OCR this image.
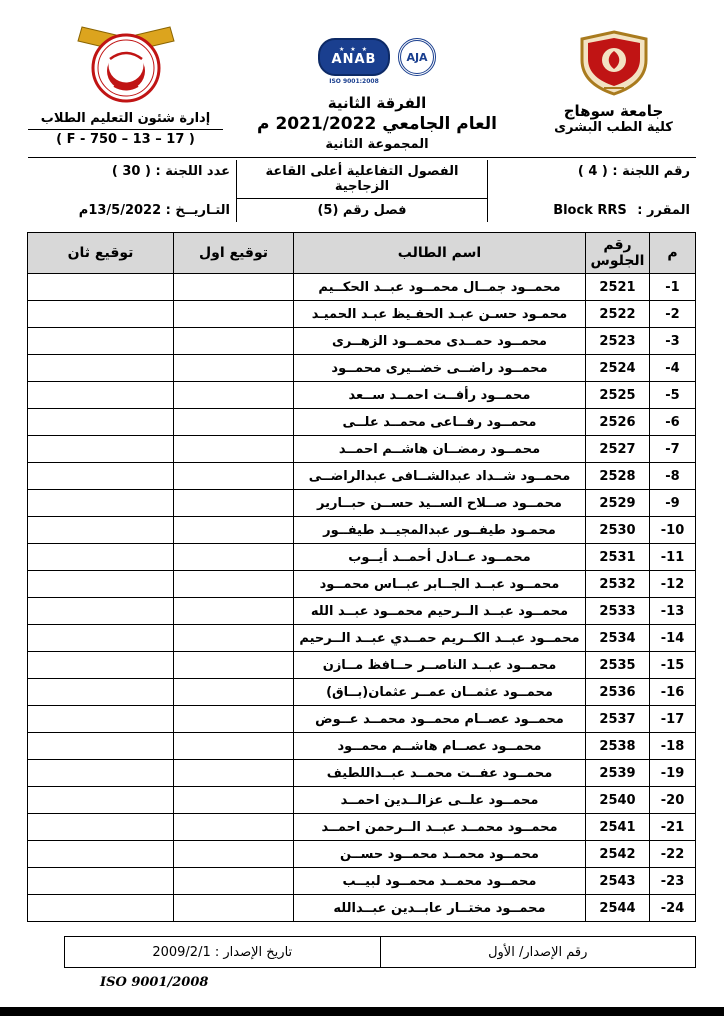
جامعة سوهاج
كلية الطب البشرى
★ ★ ★
ANAB
ISO 9001:2008
AJA
الفرقة الثانية
العام الجامعي 2021/2022 م
المجموعة الثانية
إدارة شئون التعليم الطلاب
( F - 750 – 13 – 17 )
رقم اللجنة : ( 4 )
الفصول التفاعلية أعلى القاعة الزجاجية
عدد اللجنة : ( 30 )
المقرر : Block RRS
فصل رقم (5)
التـاريــخ : 13/5/2022م
م	رقم الجلوس	اسم الطالب	توقيع اول	توقيع ثان
-1	2521	محمــود جمــال محمــود عبــد الحكــيم		
-2	2522	محمـود حسـن عبـد الحفـيظ عبـد الحميـد		
-3	2523	محمــود حمــدى محمــود الزهــرى		
-4	2524	محمــود راضــى خضــيرى محمــود		
-5	2525	محمــود رأفــت احمــد ســعد		
-6	2526	محمــود رفــاعى محمــد علــى		
-7	2527	محمــود رمضــان هاشــم احمــد		
-8	2528	محمــود شــداد عبدالشــافى عبدالراضــى		
-9	2529	محمــود صــلاح الســيد حســن حبــارير		
-10	2530	محمـود طيفــور عبدالمجيــد طيفــور		
-11	2531	محمــود عــادل أحمــد أيــوب		
-12	2532	محمــود عبــد الجــابر عبــاس محمــود		
-13	2533	محمــود عبــد الــرحيم محمــود عبــد الله		
-14	2534	محمــود عبــد الكــريم حمــدي عبــد الــرحيم		
-15	2535	محمــود عبــد الناصــر حــافظ مــازن		
-16	2536	محمــود عثمــان عمــر عثمان(بــاق)		
-17	2537	محمــود عصــام محمــود محمــد عــوض		
-18	2538	محمــود عصــام هاشــم محمــود		
-19	2539	محمــود عفــت محمــد عبــداللطيف		
-20	2540	محمــود علــى عزالــدين احمــد		
-21	2541	محمــود محمــد عبــد الــرحمن احمــد		
-22	2542	محمــود محمــد محمــود حســن		
-23	2543	محمــود محمــد محمــود لبيــب		
-24	2544	محمــود مختــار عابــدين عبــدالله		
رقم الإصدار/ الأول	تاريخ الإصدار : 2009/2/1
ISO 9001/2008
